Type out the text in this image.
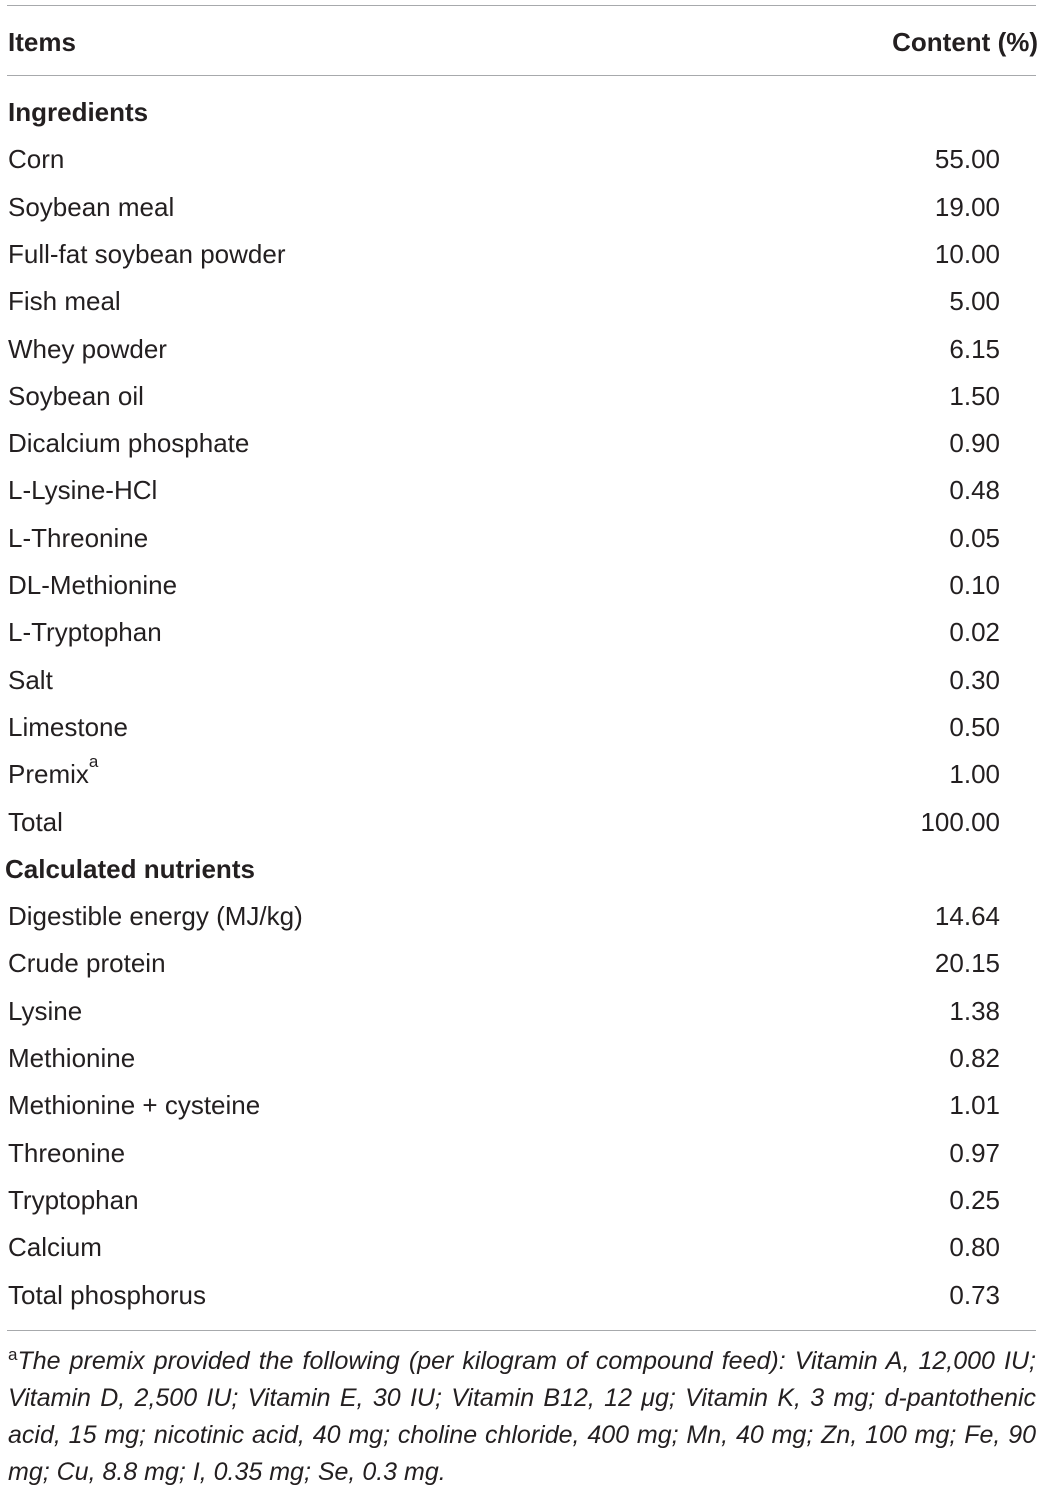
Items	Content (%)
Ingredients
Corn	55.00
Soybean meal	19.00
Full-fat soybean powder	10.00
Fish meal	5.00
Whey powder	6.15
Soybean oil	1.50
Dicalcium phosphate	0.90
L-Lysine-HCl	0.48
L-Threonine	0.05
DL-Methionine	0.10
L-Tryptophan	0.02
Salt	0.30
Limestone	0.50
Premix$^a$	1.00
Total	100.00
Calculated nutrients
Digestible energy (MJ/kg)	14.64
Crude protein	20.15
Lysine	1.38
Methionine	0.82
Methionine + cysteine	1.01
Threonine	0.97
Tryptophan	0.25
Calcium	0.80
Total phosphorus	0.73
$^a$The premix provided the following (per kilogram of compound feed): Vitamin A, 12,000 IU; Vitamin D, 2,500 IU; Vitamin E, 30 IU; Vitamin B12, 12 μg; Vitamin K, 3 mg; d-pantothenic acid, 15 mg; nicotinic acid, 40 mg; choline chloride, 400 mg; Mn, 40 mg; Zn, 100 mg; Fe, 90 mg; Cu, 8.8 mg; I, 0.35 mg; Se, 0.3 mg.
